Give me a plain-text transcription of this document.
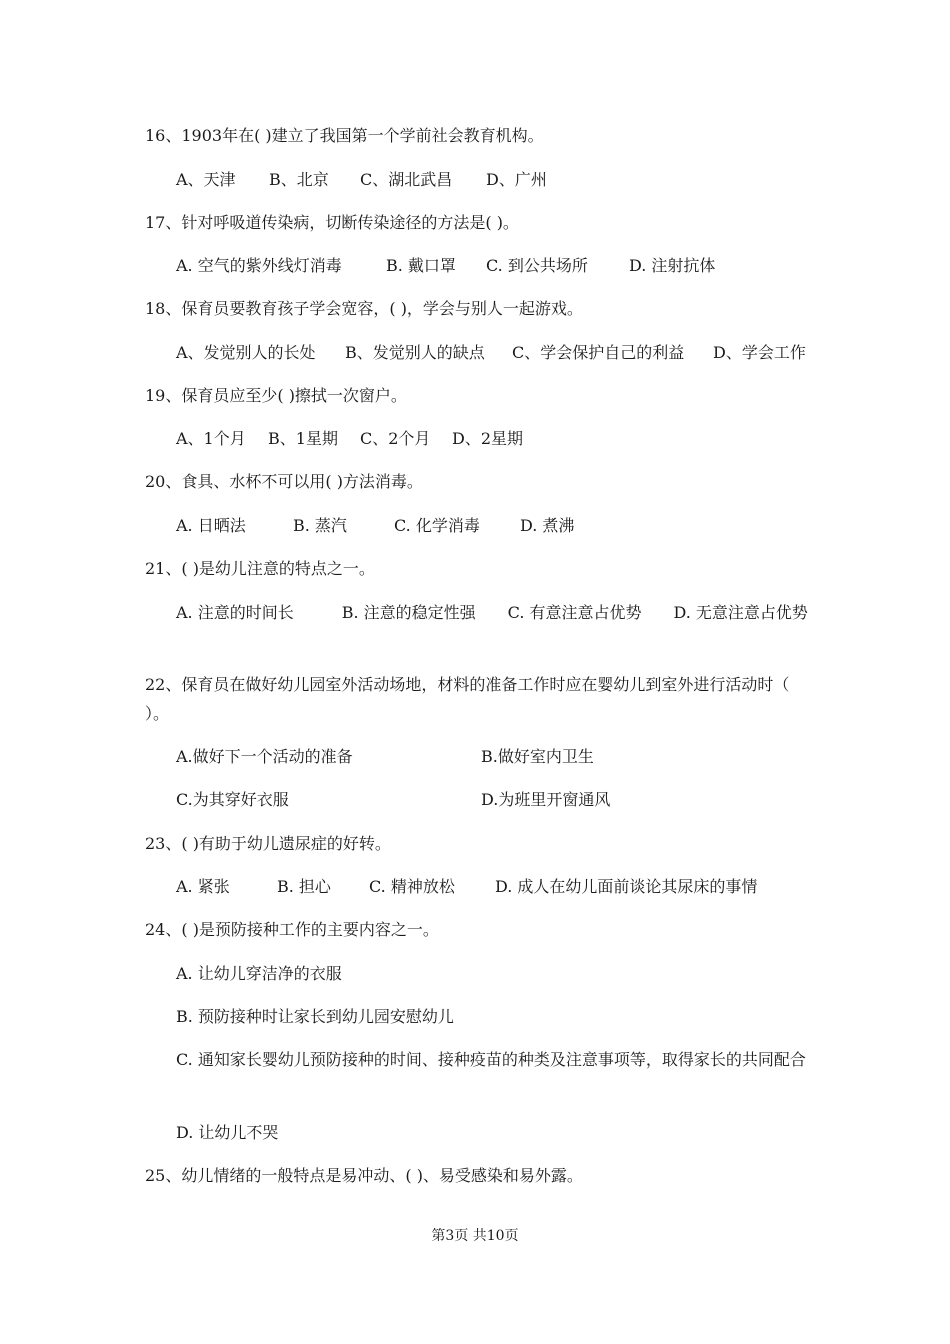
16、1903年在( )建立了我国第一个学前社会教育机构。
A、天津 B、北京 C、湖北武昌 D、广州
17、针对呼吸道传染病，切断传染途径的方法是( )。
A. 空气的紫外线灯消毒	B. 戴口罩 C. 到公共场所	D. 注射抗体
18、保育员要教育孩子学会宽容，( )，学会与别人一起游戏。
A、发觉别人的长处 B、发觉别人的缺点 C、学会保护自己的利益 D、学会工作
19、保育员应至少( )擦拭一次窗户。
A、1个月 B、1星期 C、2个月 D、2星期
20、食具、水杯不可以用( )方法消毒。
A. 日晒法	B. 蒸汽	C. 化学消毒	D. 煮沸
21、( )是幼儿注意的特点之一。
A. 注意的时间长　　　B. 注意的稳定性强　　C. 有意注意占优势　　D. 无意注意占优势
22、保育员在做好幼儿园室外活动场地，材料的准备工作时应在婴幼儿到室外进行活动时（ ）。
A.做好下一个活动的准备	B.做好室内卫生
C.为其穿好衣服	D.为班里开窗通风
23、( )有助于幼儿遗尿症的好转。
A. 紧张	B. 担心 C. 精神放松	D. 成人在幼儿面前谈论其尿床的事情
24、( )是预防接种工作的主要内容之一。
A. 让幼儿穿洁净的衣服
B. 预防接种时让家长到幼儿园安慰幼儿
C. 通知家长婴幼儿预防接种的时间、接种疫苗的种类及注意事项等，取得家长的共同配合
D. 让幼儿不哭
25、幼儿情绪的一般特点是易冲动、( )、易受感染和易外露。
第3页 共10页
